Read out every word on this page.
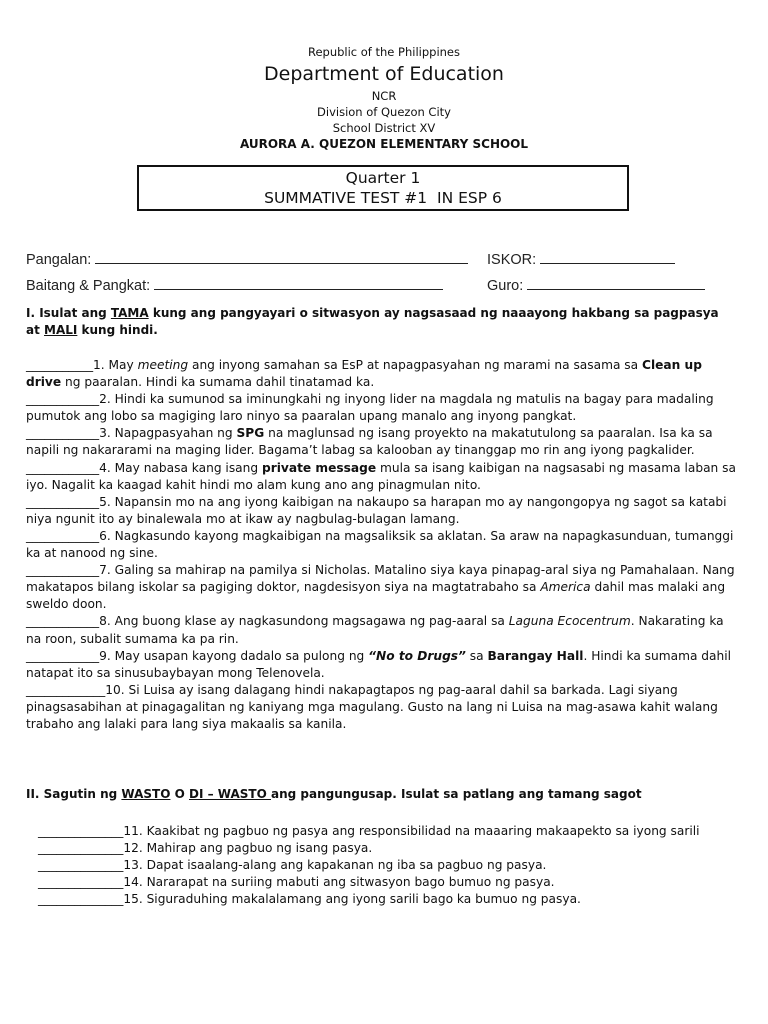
Republic of the Philippines
Department of Education
NCR
Division of Quezon City
School District XV
AURORA A. QUEZON ELEMENTARY SCHOOL
Quarter 1
SUMMATIVE TEST #1  IN ESP 6
Pangalan:	ISKOR:
Baitang & Pangkat:	Guro:
I. Isulat ang TAMA kung ang pangyayari o sitwasyon ay nagsasaad ng naaayong hakbang sa pagpasya at MALI kung hindi.

___________1. May meeting ang inyong samahan sa EsP at napagpasyahan ng marami na sasama sa Clean up drive ng paaralan. Hindi ka sumama dahil tinatamad ka.

____________2. Hindi ka sumunod sa iminungkahi ng inyong lider na magdala ng matulis na bagay para madaling pumutok ang lobo sa magiging laro ninyo sa paaralan upang manalo ang inyong pangkat.

____________3. Napagpasyahan ng SPG na maglunsad ng isang proyekto na makatutulong sa paaralan. Isa ka sa napili ng nakararami na maging lider. Bagama’t labag sa kalooban ay tinanggap mo rin ang iyong pagkalider.

____________4. May nabasa kang isang private message mula sa isang kaibigan na nagsasabi ng masama laban sa iyo. Nagalit ka kaagad kahit hindi mo alam kung ano ang pinagmulan nito.

____________5. Napansin mo na ang iyong kaibigan na nakaupo sa harapan mo ay nangongopya ng sagot sa katabi niya ngunit ito ay binalewala mo at ikaw ay nagbulag-bulagan lamang.

____________6. Nagkasundo kayong magkaibigan na magsaliksik sa aklatan. Sa araw na napagkasunduan, tumanggi ka at nanood ng sine.

____________7. Galing sa mahirap na pamilya si Nicholas. Matalino siya kaya pinapag-aral siya ng Pamahalaan. Nang makatapos bilang iskolar sa pagiging doktor, nagdesisyon siya na magtatrabaho sa America dahil mas malaki ang sweldo doon.

____________8. Ang buong klase ay nagkasundong magsagawa ng pag-aaral sa Laguna Ecocentrum. Nakarating ka na roon, subalit sumama ka pa rin.

____________9. May usapan kayong dadalo sa pulong ng “No to Drugs” sa Barangay Hall. Hindi ka sumama dahil natapat ito sa sinusubaybayan mong Telenovela.

_____________10. Si Luisa ay isang dalagang hindi nakapagtapos ng pag-aaral dahil sa barkada. Lagi siyang pinagsasabihan at pinagagalitan ng kaniyang mga magulang. Gusto na lang ni Luisa na mag-asawa kahit walang trabaho ang lalaki para lang siya makaalis sa kanila.

II. Sagutin ng WASTO O DI – WASTO ang pangungusap. Isulat sa patlang ang tamang sagot

______________11. Kaakibat ng pagbuo ng pasya ang responsibilidad na maaaring makaapekto sa iyong sarili

______________12. Mahirap ang pagbuo ng isang pasya.

______________13. Dapat isaalang-alang ang kapakanan ng iba sa pagbuo ng pasya.

______________14. Nararapat na suriing mabuti ang sitwasyon bago bumuo ng pasya.

______________15. Siguraduhing makalalamang ang iyong sarili bago ka bumuo ng pasya.
